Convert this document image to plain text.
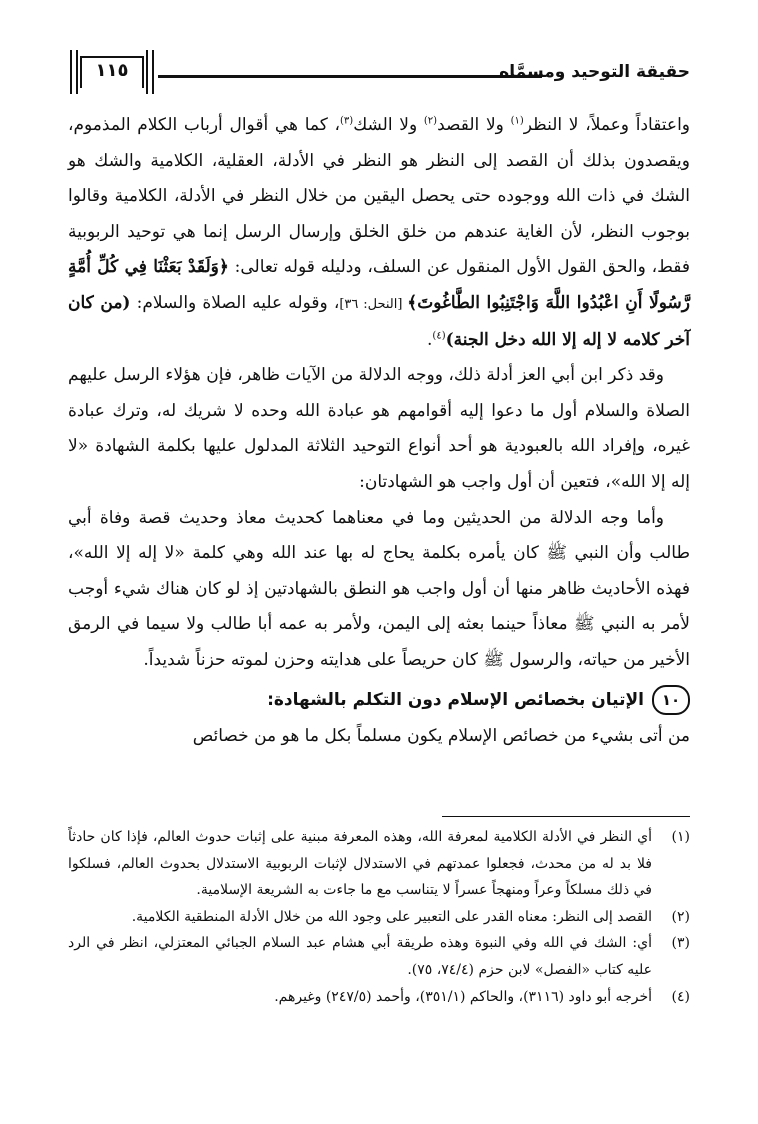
حقيقة التوحيد ومسمَّاه
١١٥

واعتقاداً وعملاً، لا النظر$^{(١)}$ ولا القصد$^{(٢)}$ ولا الشك$^{(٣)}$، كما هي أقوال أرباب الكلام المذموم، ويقصدون بذلك أن القصد إلى النظر هو النظر في الأدلة، العقلية، الكلامية والشك هو الشك في ذات الله ووجوده حتى يحصل اليقين من خلال النظر في الأدلة، الكلامية وقالوا بوجوب النظر، لأن الغاية عندهم من خلق الخلق وإرسال الرسل إنما هي توحيد الربوبية فقط، والحق القول الأول المنقول عن السلف، ودليله قوله تعالى: ﴿وَلَقَدْ بَعَثْنَا فِي كُلِّ أُمَّةٍ رَّسُولًا أَنِ اعْبُدُوا اللَّهَ وَاجْتَنِبُوا الطَّاغُوتَ﴾ [النحل: ٣٦]، وقوله عليه الصلاة والسلام: (من كان آخر كلامه لا إله إلا الله دخل الجنة)$^{(٤)}$.

وقد ذكر ابن أبي العز أدلة ذلك، ووجه الدلالة من الآيات ظاهر، فإن هؤلاء الرسل عليهم الصلاة والسلام أول ما دعوا إليه أقوامهم هو عبادة الله وحده لا شريك له، وترك عبادة غيره، وإفراد الله بالعبودية هو أحد أنواع التوحيد الثلاثة المدلول عليها بكلمة الشهادة «لا إله إلا الله»، فتعين أن أول واجب هو الشهادتان:

وأما وجه الدلالة من الحديثين وما في معناهما كحديث معاذ وحديث قصة وفاة أبي طالب وأن النبي ﷺ كان يأمره بكلمة يحاج له بها عند الله وهي كلمة «لا إله إلا الله»، فهذه الأحاديث ظاهر منها أن أول واجب هو النطق بالشهادتين إذ لو كان هناك شيء أوجب لأمر به النبي ﷺ معاذاً حينما بعثه إلى اليمن، ولأمر به عمه أبا طالب ولا سيما في الرمق الأخير من حياته، والرسول ﷺ كان حريصاً على هدايته وحزن لموته حزناً شديداً.

١٠
الإتيان بخصائص الإسلام دون التكلم بالشهادة:

من أتى بشيء من خصائص الإسلام يكون مسلماً بكل ما هو من خصائص

(١)
أي النظر في الأدلة الكلامية لمعرفة الله، وهذه المعرفة مبنية على إثبات حدوث العالم، فإذا كان حادثاً فلا بد له من محدث، فجعلوا عمدتهم في الاستدلال لإثبات الربوبية الاستدلال بحدوث العالم، فسلكوا في ذلك مسلكاً وعراً ومنهجاً عسراً لا يتناسب مع ما جاءت به الشريعة الإسلامية.
(٢)
القصد إلى النظر: معناه القدر على التعبير على وجود الله من خلال الأدلة المنطقية الكلامية.
(٣)
أي: الشك في الله وفي النبوة وهذه طريقة أبي هشام عبد السلام الجبائي المعتزلي، انظر في الرد عليه كتاب «الفصل» لابن حزم (٧٤/٤، ٧٥).
(٤)
أخرجه أبو داود (٣١١٦)، والحاكم (٣٥١/١)، وأحمد (٢٤٧/٥) وغيرهم.
